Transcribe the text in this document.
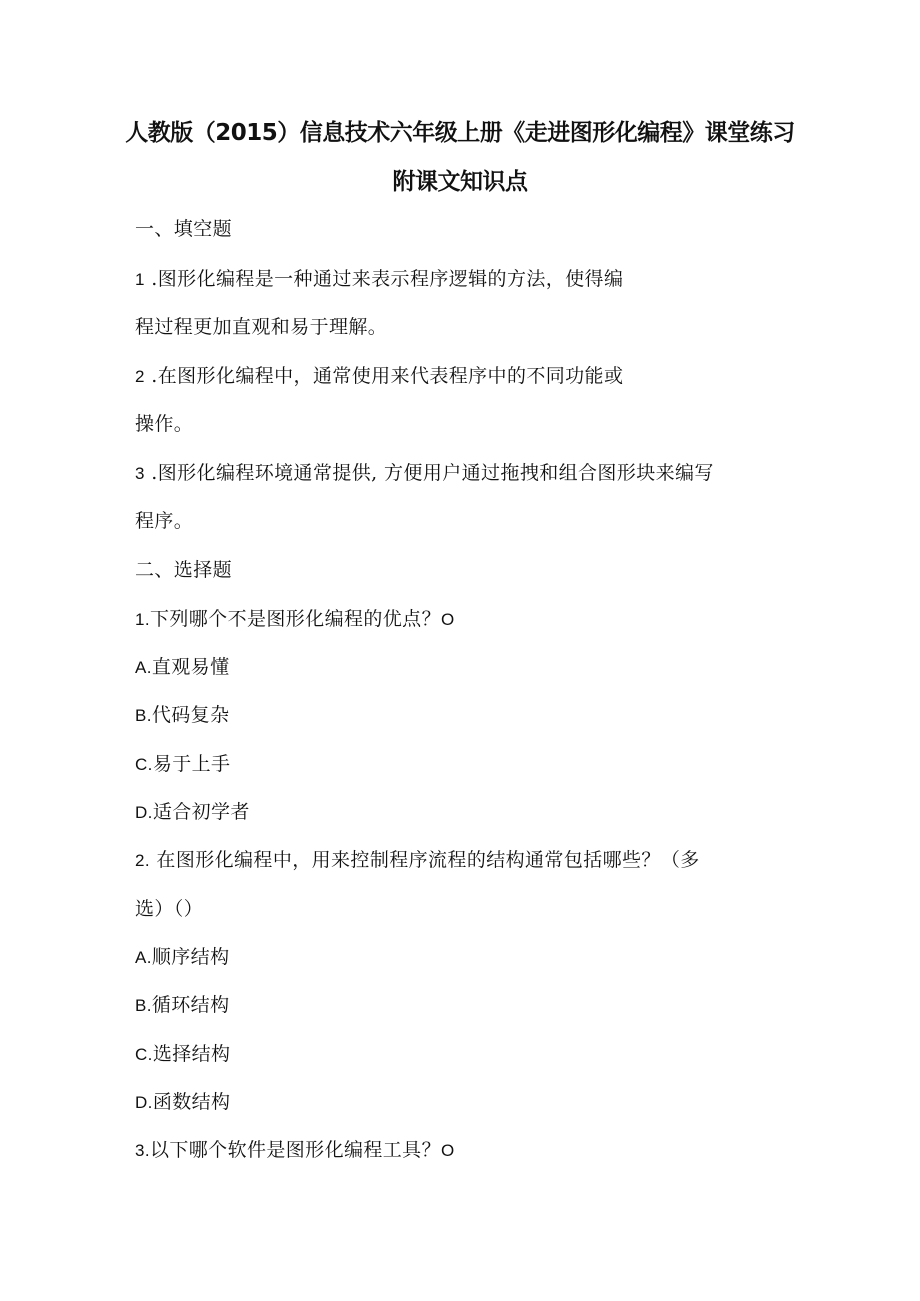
人教版（2015）信息技术六年级上册《走进图形化编程》课堂练习
附课文知识点
一、填空题
1 .图形化编程是一种通过来表示程序逻辑的方法，使得编
程过程更加直观和易于理解。
2 .在图形化编程中，通常使用来代表程序中的不同功能或
操作。
3 .图形化编程环境通常提供, 方便用户通过拖拽和组合图形块来编写
程序。
二、选择题
1.下列哪个不是图形化编程的优点？O
A.直观易懂
B.代码复杂
C.易于上手
D.适合初学者
2. 在图形化编程中，用来控制程序流程的结构通常包括哪些？（多
选）（）
A.顺序结构
B.循环结构
C.选择结构
D.函数结构
3.以下哪个软件是图形化编程工具？O
